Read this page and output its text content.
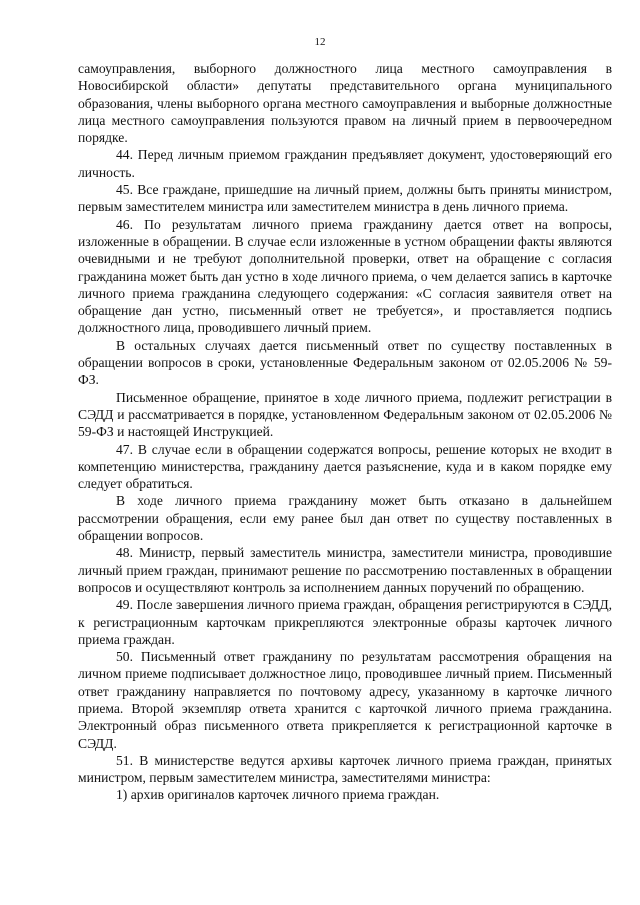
12

самоуправления, выборного должностного лица местного самоуправления в Новосибирской области» депутаты представительного органа муниципального образования, члены выборного органа местного самоуправления и выборные должностные лица местного самоуправления пользуются правом на личный прием в первоочередном порядке.

44. Перед личным приемом гражданин предъявляет документ, удостоверяющий его личность.

45. Все граждане, пришедшие на личный прием, должны быть приняты министром, первым заместителем министра или заместителем министра в день личного приема.

46. По результатам личного приема гражданину дается ответ на вопросы, изложенные в обращении. В случае если изложенные в устном обращении факты являются очевидными и не требуют дополнительной проверки, ответ на обращение с согласия гражданина может быть дан устно в ходе личного приема, о чем делается запись в карточке личного приема гражданина следующего содержания: «С согласия заявителя ответ на обращение дан устно, письменный ответ не требуется», и проставляется подпись должностного лица, проводившего личный прием.

В остальных случаях дается письменный ответ по существу поставленных в обращении вопросов в сроки, установленные Федеральным законом от 02.05.2006 № 59-ФЗ.

Письменное обращение, принятое в ходе личного приема, подлежит регистрации в СЭДД и рассматривается в порядке, установленном Федеральным законом от 02.05.2006 № 59-ФЗ и настоящей Инструкцией.

47. В случае если в обращении содержатся вопросы, решение которых не входит в компетенцию министерства, гражданину дается разъяснение, куда и в каком порядке ему следует обратиться.

В ходе личного приема гражданину может быть отказано в дальнейшем рассмотрении обращения, если ему ранее был дан ответ по существу поставленных в обращении вопросов.

48. Министр, первый заместитель министра, заместители министра, проводившие личный прием граждан, принимают решение по рассмотрению поставленных в обращении вопросов и осуществляют контроль за исполнением данных поручений по обращению.

49. После завершения личного приема граждан, обращения регистрируются в СЭДД, к регистрационным карточкам прикрепляются электронные образы карточек личного приема граждан.

50. Письменный ответ гражданину по результатам рассмотрения обращения на личном приеме подписывает должностное лицо, проводившее личный прием. Письменный ответ гражданину направляется по почтовому адресу, указанному в карточке личного приема. Второй экземпляр ответа хранится с карточкой личного приема гражданина. Электронный образ письменного ответа прикрепляется к регистрационной карточке в СЭДД.

51. В министерстве ведутся архивы карточек личного приема граждан, принятых министром, первым заместителем министра, заместителями министра:

1) архив оригиналов карточек личного приема граждан.
